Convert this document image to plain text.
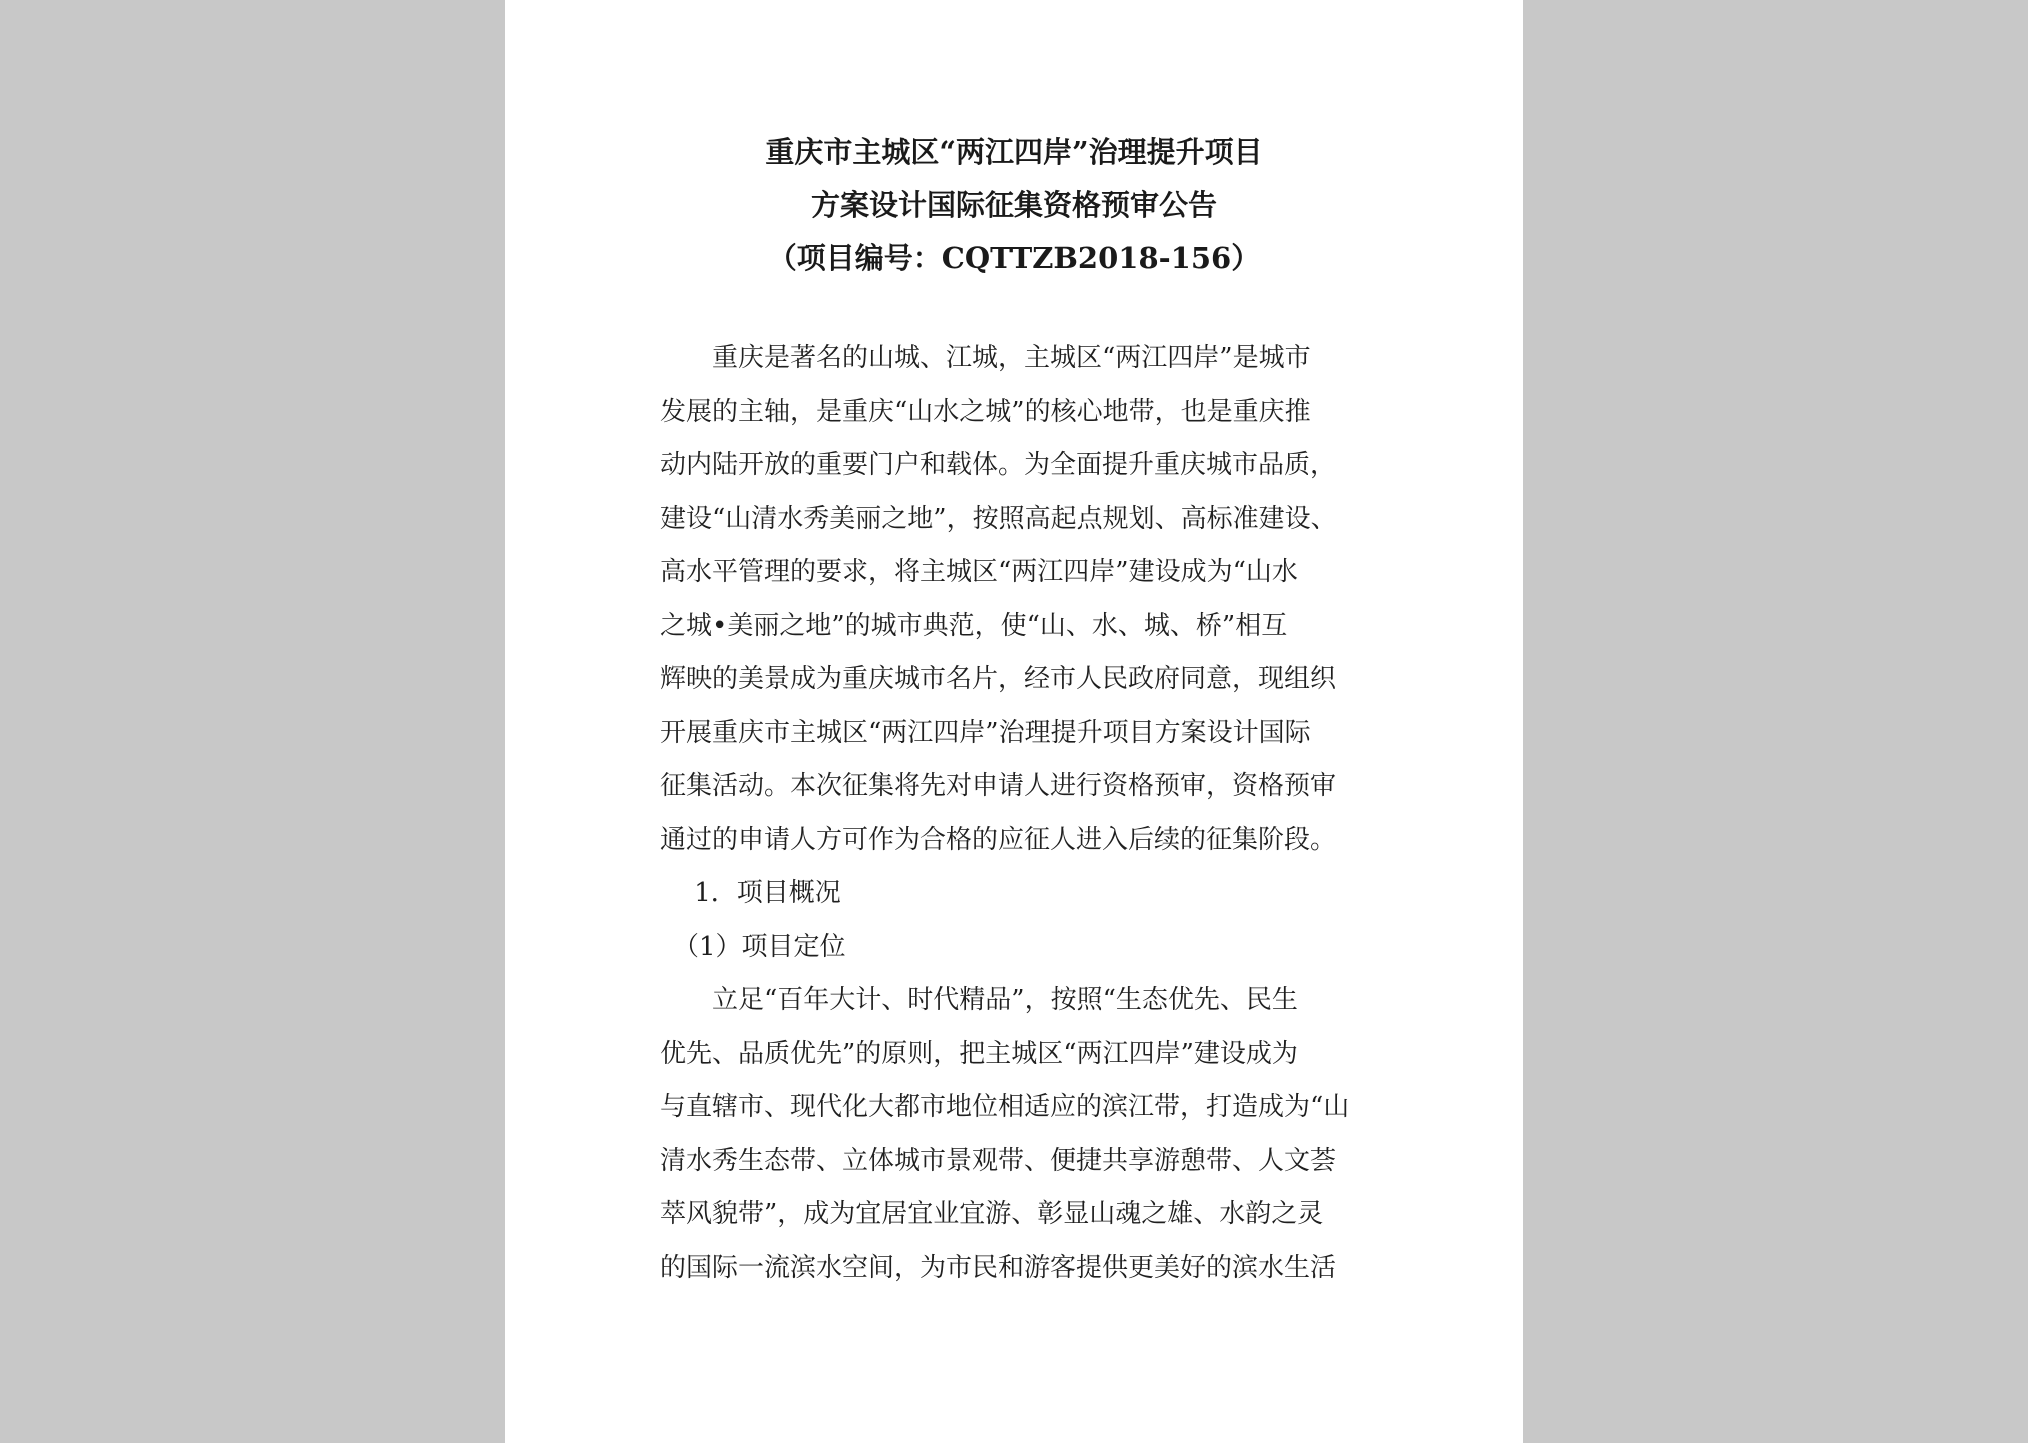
重庆市主城区“两江四岸”治理提升项目
方案设计国际征集资格预审公告
（项目编号：CQTTZB2018-156）
　　重庆是著名的山城、江城，主城区“两江四岸”是城市
发展的主轴，是重庆“山水之城”的核心地带，也是重庆推
动内陆开放的重要门户和载体。为全面提升重庆城市品质，
建设“山清水秀美丽之地”，按照高起点规划、高标准建设、
高水平管理的要求，将主城区“两江四岸”建设成为“山水
之城•美丽之地”的城市典范，使“山、水、城、桥”相互
辉映的美景成为重庆城市名片，经市人民政府同意，现组织
开展重庆市主城区“两江四岸”治理提升项目方案设计国际
征集活动。本次征集将先对申请人进行资格预审，资格预审
通过的申请人方可作为合格的应征人进入后续的征集阶段。
　 1．项目概况
　（1）项目定位
　　立足“百年大计、时代精品”，按照“生态优先、民生
优先、品质优先”的原则，把主城区“两江四岸”建设成为
与直辖市、现代化大都市地位相适应的滨江带，打造成为“山
清水秀生态带、立体城市景观带、便捷共享游憩带、人文荟
萃风貌带”，成为宜居宜业宜游、彰显山魂之雄、水韵之灵
的国际一流滨水空间，为市民和游客提供更美好的滨水生活
